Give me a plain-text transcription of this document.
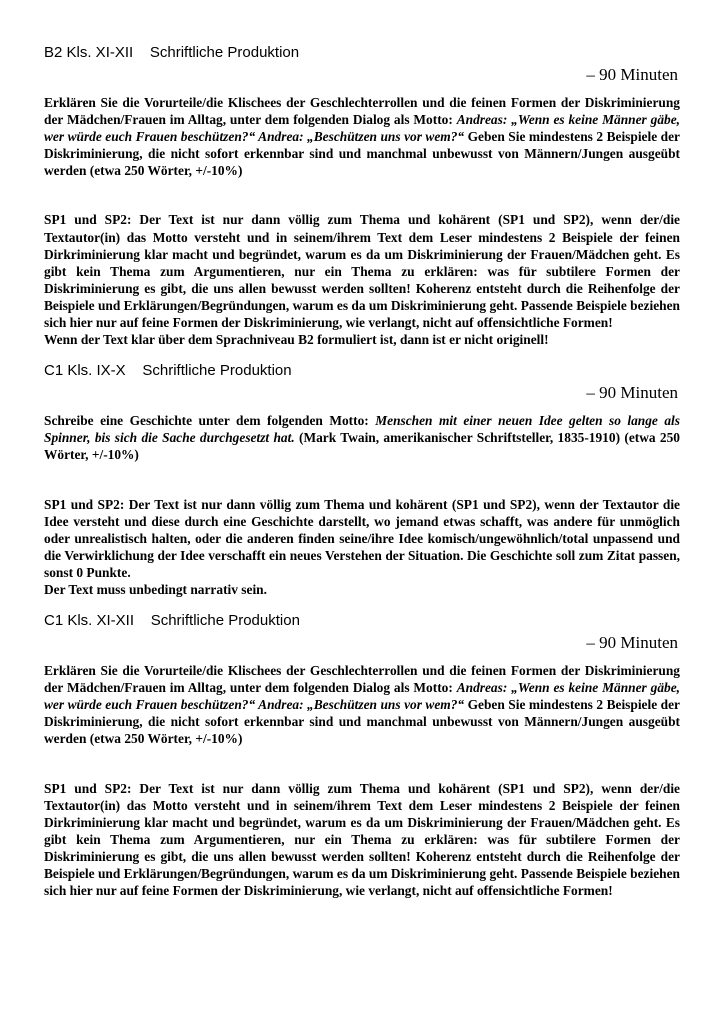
B2 Kls. XI-XII    Schriftliche Produktion

– 90 Minuten

Erklären Sie die Vorurteile/die Klischees der Geschlechterrollen und die feinen Formen der Diskriminierung der Mädchen/Frauen im Alltag, unter dem folgenden Dialog als Motto: Andreas: „Wenn es keine Männer gäbe, wer würde euch Frauen beschützen?“ Andrea: „Beschützen uns vor wem?“ Geben Sie mindestens 2 Beispiele der Diskriminierung, die nicht sofort erkennbar sind und manchmal unbewusst von Männern/Jungen ausgeübt werden (etwa 250 Wörter, +/-10%)

SP1 und SP2: Der Text ist nur dann völlig zum Thema und kohärent (SP1 und SP2), wenn der/die Textautor(in) das Motto versteht und in seinem/ihrem Text dem Leser mindestens 2 Beispiele der feinen Dirkriminierung klar macht und begründet, warum es da um Diskriminierung der Frauen/Mädchen geht. Es gibt kein Thema zum Argumentieren, nur ein Thema zu erklären: was für subtilere Formen der Diskriminierung es gibt, die uns allen bewusst werden sollten! Koherenz entsteht durch die Reihenfolge der Beispiele und Erklärungen/Begründungen, warum es da um Diskriminierung geht. Passende Beispiele beziehen sich hier nur auf feine Formen der Diskriminierung, wie verlangt, nicht auf offensichtliche Formen!
Wenn der Text klar über dem Sprachniveau B2 formuliert ist, dann ist er nicht originell!

C1 Kls. IX-X    Schriftliche Produktion

– 90 Minuten

Schreibe eine Geschichte unter dem folgenden Motto: Menschen mit einer neuen Idee gelten so lange als Spinner, bis sich die Sache durchgesetzt hat. (Mark Twain, amerikanischer Schriftsteller, 1835-1910) (etwa 250 Wörter, +/-10%)

SP1 und SP2: Der Text ist nur dann völlig zum Thema und kohärent (SP1 und SP2), wenn der Textautor die Idee versteht und diese durch eine Geschichte darstellt, wo jemand etwas schafft, was andere für unmöglich oder unrealistisch halten, oder die anderen finden seine/ihre Idee komisch/ungewöhnlich/total unpassend und die Verwirklichung der Idee verschafft ein neues Verstehen der Situation. Die Geschichte soll zum Zitat passen, sonst 0 Punkte.
Der Text muss unbedingt narrativ sein.

C1 Kls. XI-XII    Schriftliche Produktion

– 90 Minuten

Erklären Sie die Vorurteile/die Klischees der Geschlechterrollen und die feinen Formen der Diskriminierung der Mädchen/Frauen im Alltag, unter dem folgenden Dialog als Motto: Andreas: „Wenn es keine Männer gäbe, wer würde euch Frauen beschützen?“ Andrea: „Beschützen uns vor wem?“ Geben Sie mindestens 2 Beispiele der Diskriminierung, die nicht sofort erkennbar sind und manchmal unbewusst von Männern/Jungen ausgeübt werden (etwa 250 Wörter, +/-10%)

SP1 und SP2: Der Text ist nur dann völlig zum Thema und kohärent (SP1 und SP2), wenn der/die Textautor(in) das Motto versteht und in seinem/ihrem Text dem Leser mindestens 2 Beispiele der feinen Dirkriminierung klar macht und begründet, warum es da um Diskriminierung der Frauen/Mädchen geht. Es gibt kein Thema zum Argumentieren, nur ein Thema zu erklären: was für subtilere Formen der Diskriminierung es gibt, die uns allen bewusst werden sollten! Koherenz entsteht durch die Reihenfolge der Beispiele und Erklärungen/Begründungen, warum es da um Diskriminierung geht. Passende Beispiele beziehen sich hier nur auf feine Formen der Diskriminierung, wie verlangt, nicht auf offensichtliche Formen!
